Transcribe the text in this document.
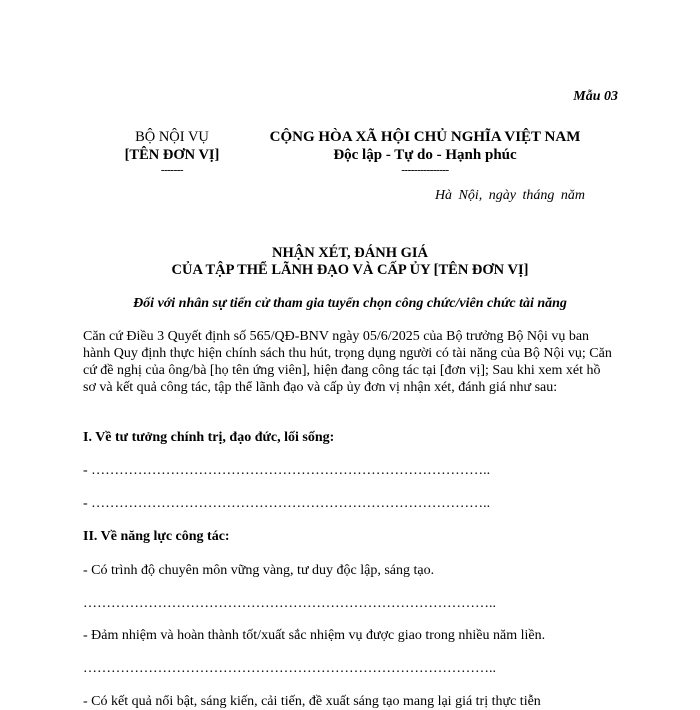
Mẫu 03
BỘ NỘI VỤ
[TÊN ĐƠN VỊ]
-------
CỘNG HÒA XÃ HỘI CHỦ NGHĨA VIỆT NAM
Độc lập - Tự do - Hạnh phúc
---------------
Hà Nội, ngày tháng năm
NHẬN XÉT, ĐÁNH GIÁ
CỦA TẬP THỂ LÃNH ĐẠO VÀ CẤP ỦY [TÊN ĐƠN VỊ]
Đối với nhân sự tiến cử tham gia tuyển chọn công chức/viên chức tài năng
Căn cứ Điều 3 Quyết định số 565/QĐ-BNV ngày 05/6/2025 của Bộ trưởng Bộ Nội vụ ban hành Quy định thực hiện chính sách thu hút, trọng dụng người có tài năng của Bộ Nội vụ; Căn cứ đề nghị của ông/bà [họ tên ứng viên], hiện đang công tác tại [đơn vị]; Sau khi xem xét hồ sơ và kết quả công tác, tập thể lãnh đạo và cấp ủy đơn vị nhận xét, đánh giá như sau:
I. Về tư tưởng chính trị, đạo đức, lối sống:
- …………………………………………………………………………..
- …………………………………………………………………………..
II. Về năng lực công tác:
- Có trình độ chuyên môn vững vàng, tư duy độc lập, sáng tạo.
……………………………………………………………………………..
- Đảm nhiệm và hoàn thành tốt/xuất sắc nhiệm vụ được giao trong nhiều năm liền.
……………………………………………………………………………..
- Có kết quả nổi bật, sáng kiến, cải tiến, đề xuất sáng tạo mang lại giá trị thực tiễn
